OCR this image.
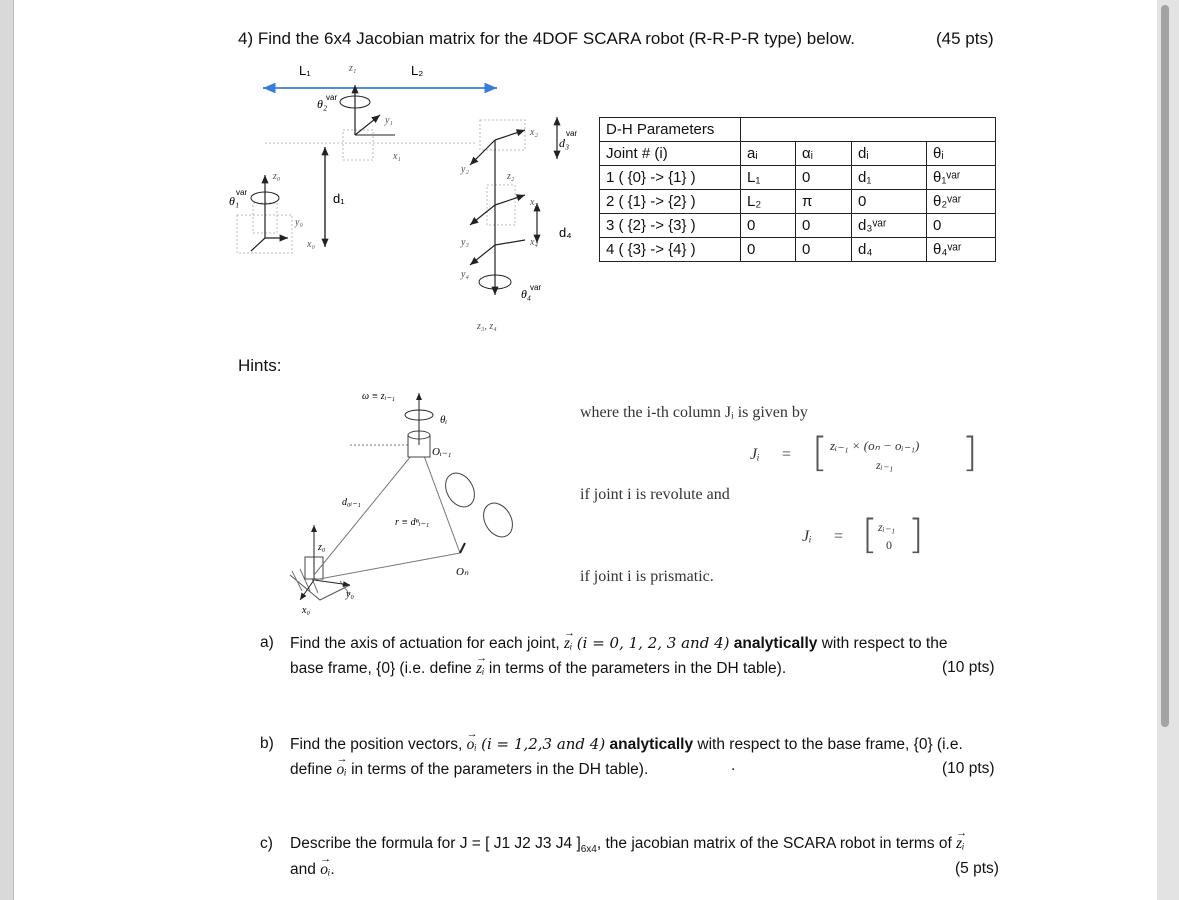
4) Find the 6x4 Jacobian matrix for the 4DOF SCARA robot (R-R-P-R type) below.	(45 pts)
L₁	L₂
z₁
y₁
x₁
z₀
y₀
x₀
x₂
y₂
z₂
x₃
y₃	x₄
y₄
z₃, z₄
d₁
d₄
θ₁
var
θ₂
var
d₃
var
θ₄
var
D-H Parameters				
Joint # (i)	aᵢ	αᵢ	dᵢ	θᵢ
1 ( {0} -> {1} )	L₁	0	d₁	θ₁ᵛᵃʳ
2 ( {1} -> {2} )	L₂	π	0	θ₂ᵛᵃʳ
3 ( {2} -> {3} )	0	0	d₃ᵛᵃʳ	0
4 ( {3} -> {4} )	0	0	d₄	θ₄ᵛᵃʳ
Hints:
ω ≡ zᵢ₋₁
θᵢ
Oᵢ₋₁
d₀ᵢ₋₁
r ≡ dⁿᵢ₋₁
z₀
Oₙ
y₀
x₀
where the i-th column Jᵢ is given by
Jᵢ = [ zᵢ₋₁ × (oₙ − oᵢ₋₁)
zᵢ₋₁ ]
if joint i is revolute and
Jᵢ = [ zᵢ₋₁
0 ]
if joint i is prismatic.
a) Find the axis of actuation for each joint, → zᵢ (i = 0, 1, 2, 3 and 4) analytically with respect to the
base frame, {0} (i.e. define → zᵢ in terms of the parameters in the DH table).	(10 pts)
b) Find the position vectors, → oᵢ (i = 1,2,3 and 4) analytically with respect to the base frame, {0} (i.e.
define → oᵢ in terms of the parameters in the DH table).	.	(10 pts)
c) Describe the formula for J = [ J1 J2 J3 J4 ]$_{6x4}$, the jacobian matrix of the SCARA robot in terms of → zᵢ
and → oᵢ.	(5 pts)
